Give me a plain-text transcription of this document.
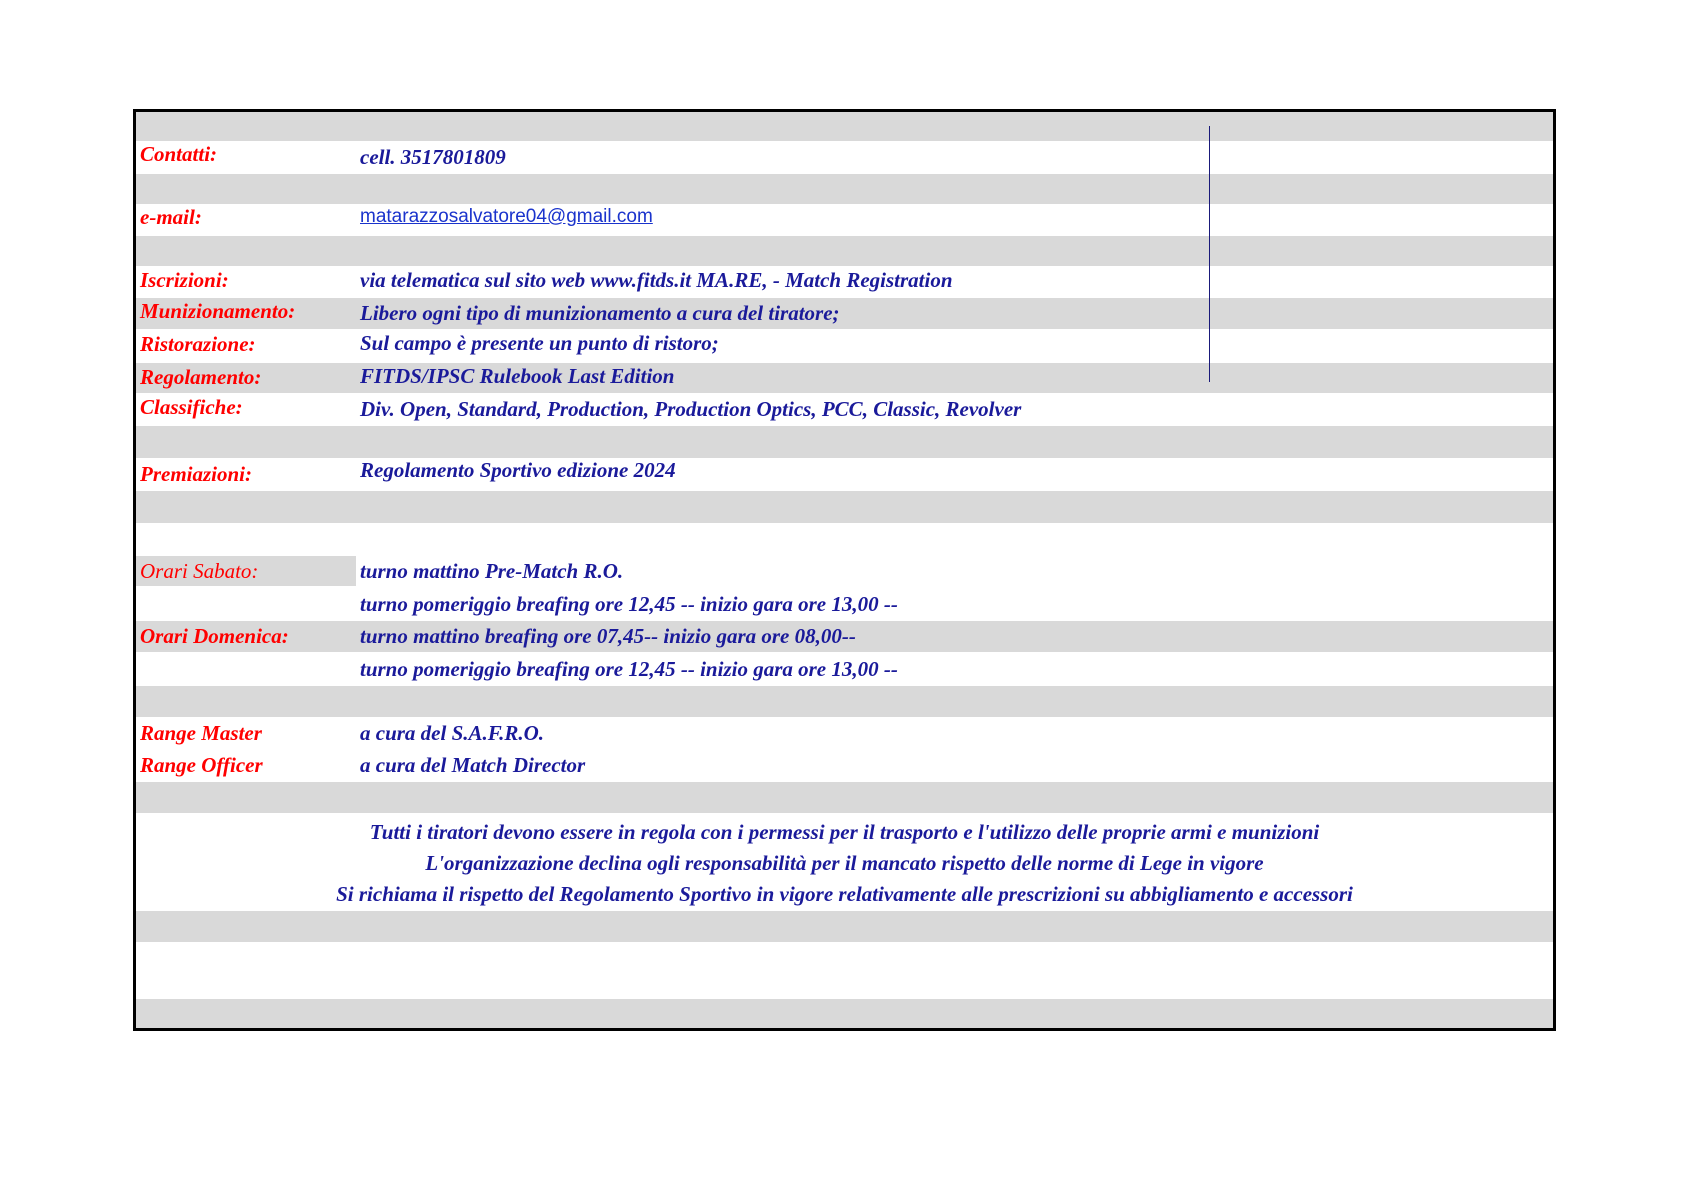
Contatti:	cell. 3517801809
e-mail:	matarazzosalvatore04@gmail.com
Iscrizioni:	via telematica sul sito web www.fitds.it MA.RE, - Match Registration
Munizionamento:	Libero ogni tipo di munizionamento a cura del tiratore;
Ristorazione:	Sul campo è presente un punto di ristoro;
Regolamento:	FITDS/IPSC Rulebook Last Edition
Classifiche:	Div. Open, Standard, Production, Production Optics, PCC, Classic, Revolver
Premiazioni:	Regolamento Sportivo edizione 2024
Orari Sabato:	turno mattino Pre-Match R.O.
turno pomeriggio breafing ore 12,45 -- inizio gara ore 13,00 --
Orari Domenica:	turno mattino breafing ore 07,45-- inizio gara ore 08,00--
turno pomeriggio breafing ore 12,45 -- inizio gara ore 13,00 --
Range Master	a cura del S.A.F.R.O.
Range Officer	a cura del Match Director
Tutti i tiratori devono essere in regola con i permessi per il trasporto e l'utilizzo delle proprie armi e munizioni
L'organizzazione declina ogli responsabilità per il mancato rispetto delle norme di Lege in vigore
Si richiama il rispetto del Regolamento Sportivo in vigore relativamente alle prescrizioni su abbigliamento e accessori
